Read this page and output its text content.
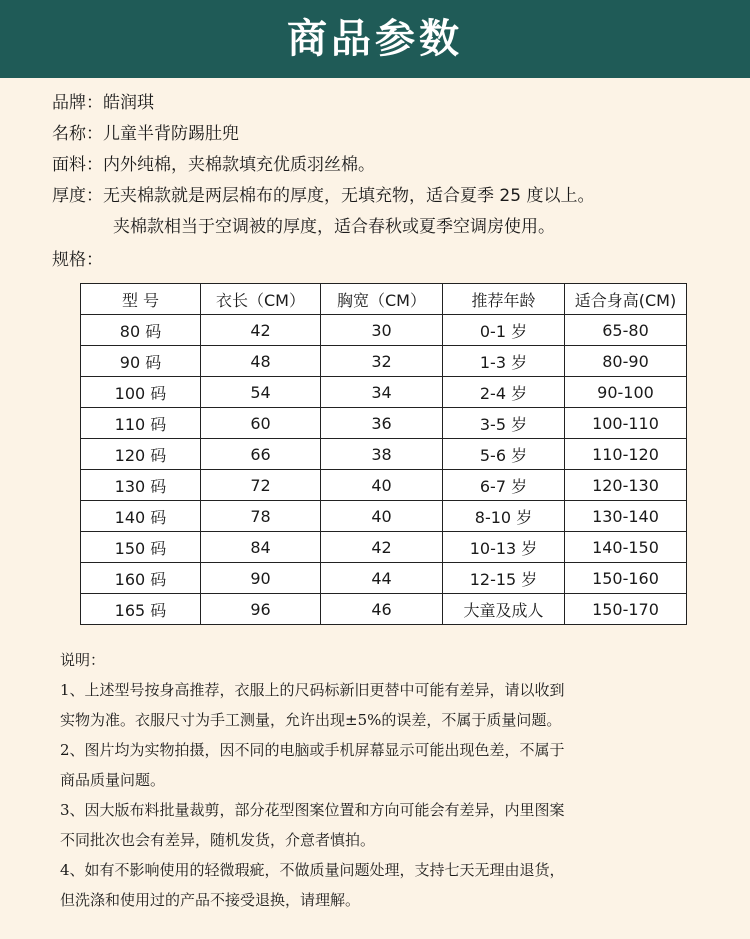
商品参数
品牌：皓润琪
名称：儿童半背防踢肚兜
面料：内外纯棉，夹棉款填充优质羽丝棉。
厚度：无夹棉款就是两层棉布的厚度，无填充物，适合夏季 25 度以上。
夹棉款相当于空调被的厚度，适合春秋或夏季空调房使用。
规格：
型 号	衣长（CM）	胸宽（CM）	推荐年龄	适合身高(CM)
80 码	42	30	0-1 岁	65-80
90 码	48	32	1-3 岁	80-90
100 码	54	34	2-4 岁	90-100
110 码	60	36	3-5 岁	100-110
120 码	66	38	5-6 岁	110-120
130 码	72	40	6-7 岁	120-130
140 码	78	40	8-10 岁	130-140
150 码	84	42	10-13 岁	140-150
160 码	90	44	12-15 岁	150-160
165 码	96	46	大童及成人	150-170
说明：
1、上述型号按身高推荐，衣服上的尺码标新旧更替中可能有差异，请以收到
实物为准。衣服尺寸为手工测量，允许出现±5%的误差，不属于质量问题。
2、图片均为实物拍摄，因不同的电脑或手机屏幕显示可能出现色差，不属于
商品质量问题。
3、因大版布料批量裁剪，部分花型图案位置和方向可能会有差异，内里图案
不同批次也会有差异，随机发货，介意者慎拍。
4、如有不影响使用的轻微瑕疵，不做质量问题处理，支持七天无理由退货，
但洗涤和使用过的产品不接受退换，请理解。
